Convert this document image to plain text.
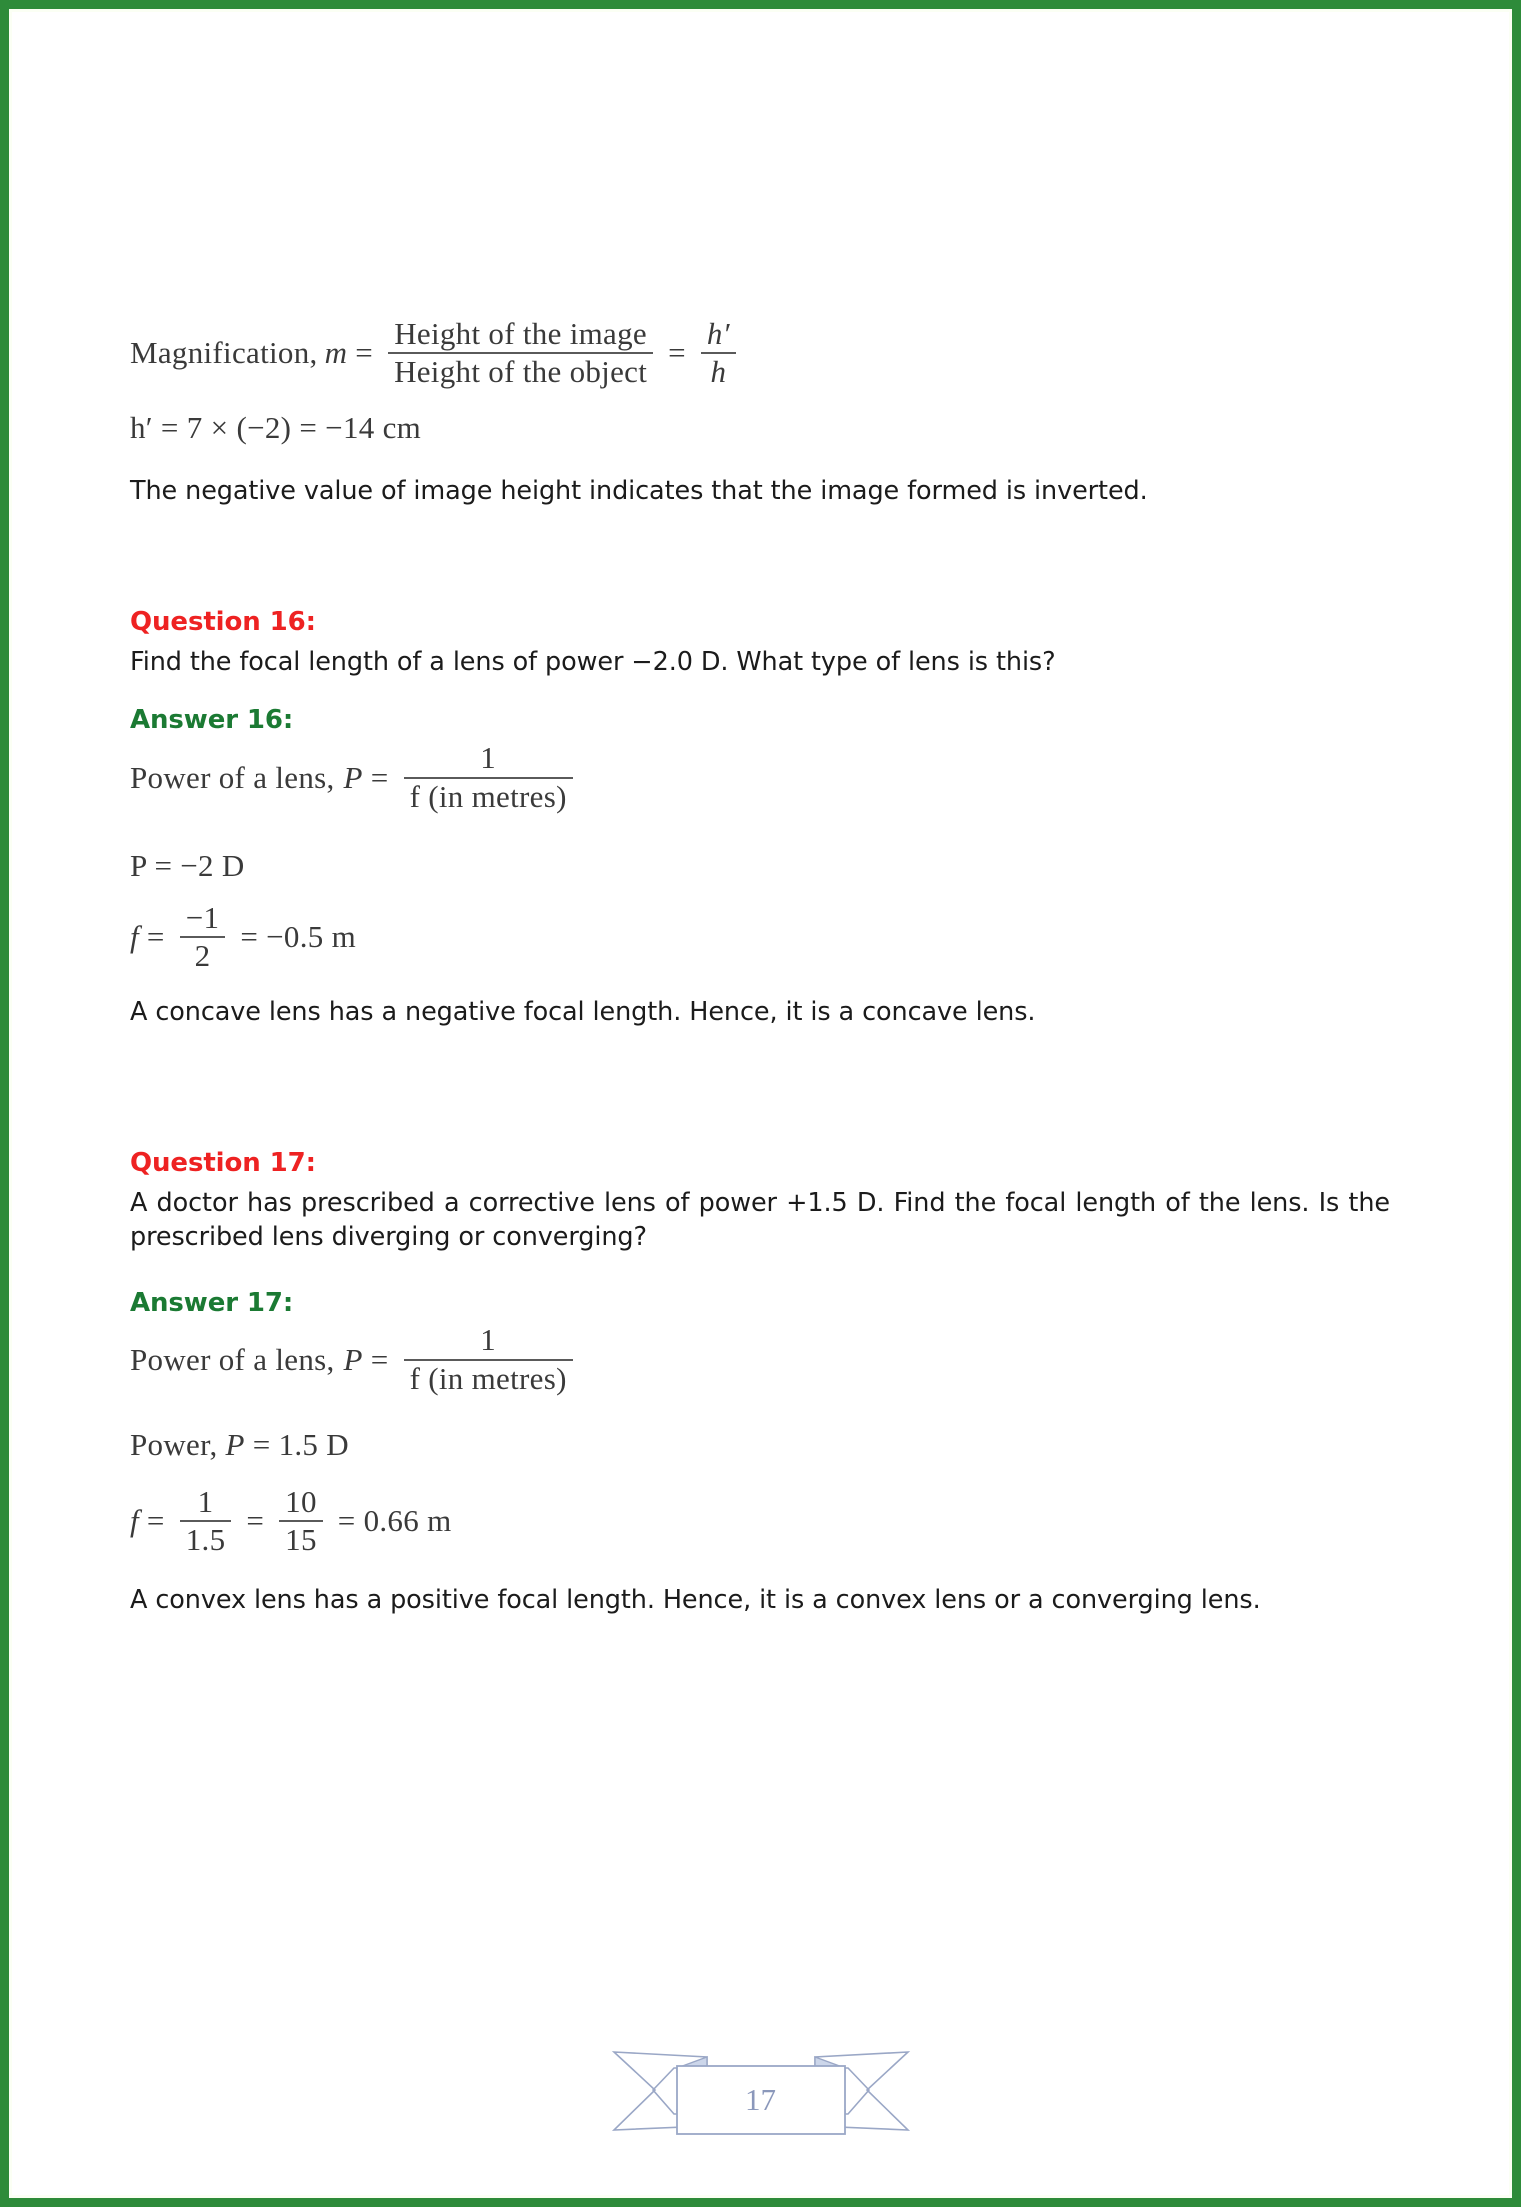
Magnification, $m = \frac{\text{Height of the image}}{\text{Height of the object}} = \frac{h'}{h}$
h′ = 7 × (−2) = −14 cm
The negative value of image height indicates that the image formed is inverted.
Question 16:
Find the focal length of a lens of power −2.0 D. What type of lens is this?
Answer 16:
Power of a lens, $P = \frac{1}{\text{f (in metres)}}$
P = −2 D
$f = \frac{-1}{2} = -0.5$ m
A concave lens has a negative focal length. Hence, it is a concave lens.
Question 17:
A doctor has prescribed a corrective lens of power +1.5 D. Find the focal length of the lens. Is the prescribed lens diverging or converging?
Answer 17:
Power of a lens, $P = \frac{1}{\text{f (in metres)}}$
Power, P = 1.5 D
$f = \frac{1}{1.5} = \frac{10}{15} = 0.66$ m
A convex lens has a positive focal length. Hence, it is a convex lens or a converging lens.
17
